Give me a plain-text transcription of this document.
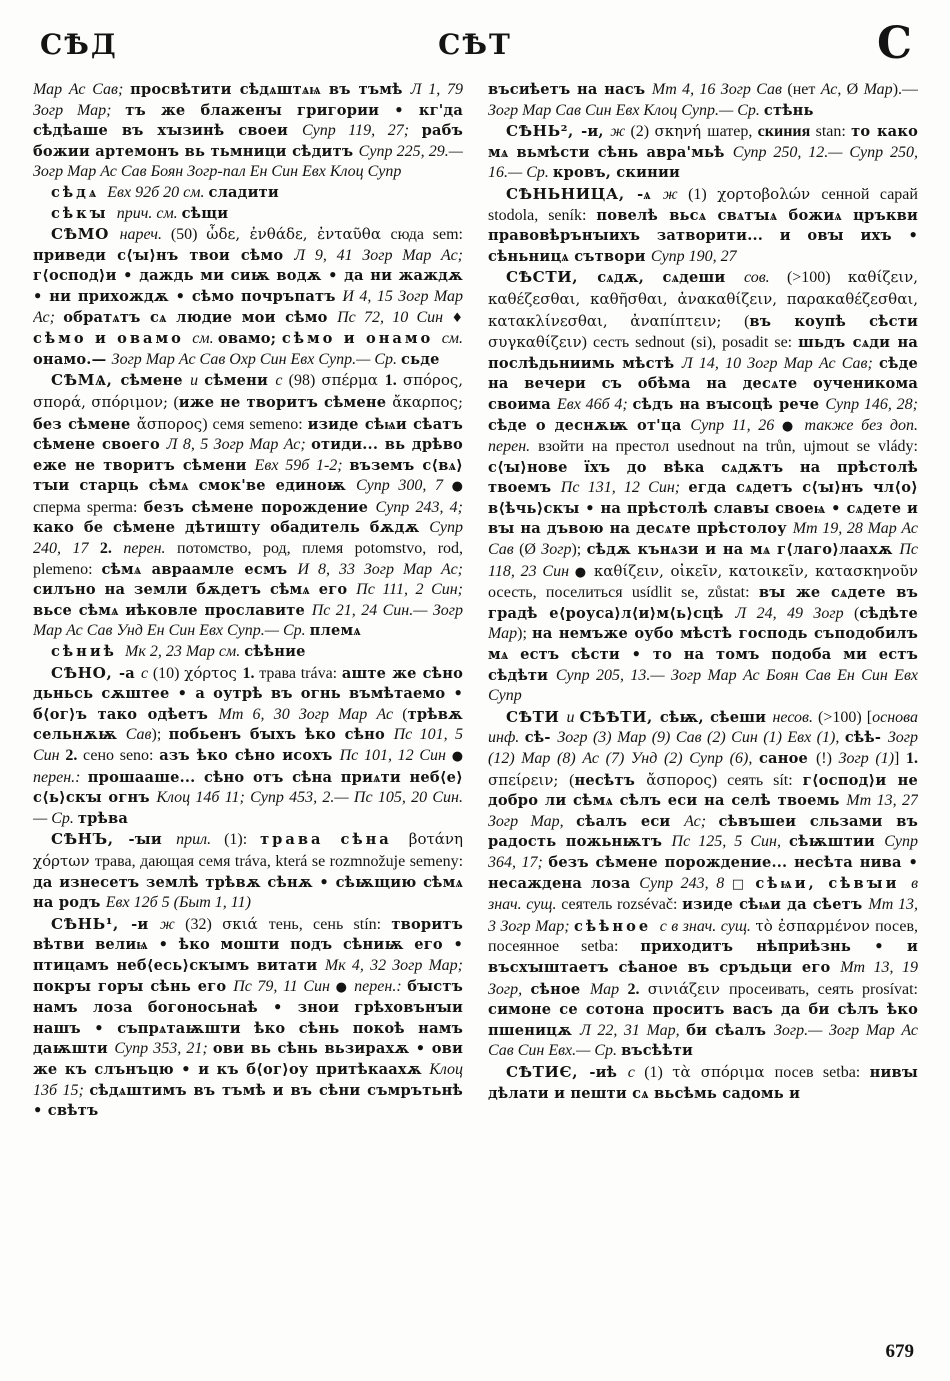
СѢД	СѢТ	С

Мар Ас Сав; просвѣтити сѣдѧштѧѩ въ тъмѣ Л 1, 79 Зогр Мар; тъ же блаженꙑ григории • кг'да сѣдѣаше въ хꙑзинѣ своеи Супр 119, 27; рабъ божии артемонъ вь тьмници сѣдитъ Супр 225, 29.— Зогр Мар Ас Сав Боян Зогр-пал Ен Син Евх Клоц Супр

сѣдѧ Евх 92б 20 см. сладити

сѣкꙑ прич. см. сѣщи

СѢМО нареч. (50) ὧδε, ἐνθάδε, ἐνταῦθα сюда sem: приведи с⟨ꙑ⟩нъ твои сѣмо Л 9, 41 Зогр Мар Ас; г⟨оспод⟩и • даждь ми сиѭ водѫ • да ни жаждѫ • ни прихождѫ • сѣмо почръпатъ И 4, 15 Зогр Мар Ас; обратѧтъ сѧ людие мои сѣмо Пс 72, 10 Син ♦ сѣмо и овамо см. овамо; сѣмо и онамо см. онамо.— Зогр Мар Ас Сав Охр Син Евх Супр.— Ср. сьде

СѢМѦ, сѣмене и сѣмени с (98) σπέρμα 1. σπόρος, σπορά, σπόριμον; (иже не творитъ сѣмене ἄκαρπος; без сѣмене ἄσπορος) семя semeno: изиде сѣѩи сѣатъ сѣмене своего Л 8, 5 Зогр Мар Ас; отиди... вь дрѣво еже не творитъ сѣмени Евх 59б 1-2; въземъ с⟨вѧ⟩тꙑи старць сѣмѧ смок'ве единоѭ Супр 300, 7 ● сперма sperma: безъ сѣмене порождение Супр 243, 4; како бе сѣмене дѣтишту обадитель бѫдѫ Супр 240, 17 2. перен. потомство, род, племя potomstvo, rod, plemeno: сѣмѧ авраамле есмъ И 8, 33 Зогр Мар Ас; силъно на земли бѫдетъ сѣмѧ его Пс 111, 2 Син; вьсе сѣмѧ иѣковле прославите Пс 21, 24 Син.— Зогр Мар Ас Сав Унд Ен Син Евх Супр.— Ср. племѧ

сѣниѣ Мк 2, 23 Мар см. сѣѣние

СѢНО, -а с (10) χόρτος 1. трава tráva: аште же сѣно дьньсь сѫштее • а оутрѣ въ огнь въмѣтаемо • б⟨ог⟩ъ тако одѣетъ Мт 6, 30 Зогр Мар Ас (трѣвѫ сельнѫѭ Сав); побьенъ бꙑхъ ѣко сѣно Пс 101, 5 Син 2. сено seno: азъ ѣко сѣно исохъ Пс 101, 12 Син ● перен.: прошааше... сѣно отъ сѣна приѧти неб⟨е⟩с⟨ь⟩скꙑ огнъ Клоц 14б 11; Супр 453, 2.— Пс 105, 20 Син.— Ср. трѣва

СѢНЪ, -ꙑи прил. (1): трава сѣна βοτάνη χόρτων трава, дающая семя tráva, která se rozmnožuje semeny: да изнесетъ землѣ трѣвѫ сѣнѫ • сѣѭщию сѣмѧ на родъ Евх 12б 5 (Быт 1, 11)

СѢНЬ¹, -и ж (32) σκιά тень, сень stín: творитъ вѣтви велиѩ • ѣко мошти подъ сѣниѭ его • птицамъ неб⟨есь⟩скꙑмъ витати Мк 4, 32 Зогр Мар; покрꙑ горꙑ сѣнь его Пс 79, 11 Син ● перен.: бꙑстъ намъ лоза богоносьнаѣ • знои грѣховънꙑи нашъ • съпрѧтаѭшти ѣко сѣнь покоѣ намъ даѭшти Супр 353, 21; ови вь сѣнь вьзирахѫ • ови же къ слънъцю • и къ б⟨ог⟩оу притѣкаахѫ Клоц 13б 15; сѣдѧштимъ въ тъмѣ и въ сѣни съмрътьнѣ • свѣтъ

въсиѣетъ на насъ Мт 4, 16 Зогр Сав (нет Ас, Ø Мар).— Зогр Мар Сав Син Евх Клоц Супр.— Ср. стѣнь

СѢНЬ², -и, ж (2) σκηνή шатер, скиния stan: то како мѧ вьмѣсти сѣнь авра'мьѣ Супр 250, 12.— Супр 250, 16.— Ср. кровъ, скинии

СѢНЬНИЦА, -ѧ ж (1) χορτοβολών сенной сарай stodola, seník: повелѣ вьсѧ свѧтꙑѧ божиѧ цръкви правовѣрънꙑихъ затворити... и овꙑ ихъ • сѣньницѧ сътвори Супр 190, 27

СѢСТИ, сѧдѫ, сѧдеши сов. (>100) καθίζειν, καθέζεσθαι, καθῆσθαι, ἀνακαθίζειν, παρακαθέζεσθαι, κατακλίνεσθαι, ἀναπίπτειν; (въ коупѣ сѣсти συγκαθίζειν) сесть sednout (si), posadit se: шьдъ сѧди на послѣдьниимь мѣстѣ Л 14, 10 Зогр Мар Ас Сав; сѣде на вечери съ обѣма на десѧте оученикома своима Евх 46б 4; сѣдъ на вꙑсоцѣ рече Супр 146, 28; сѣде о деснѫѭ от'ца Супр 11, 26 ● также без доп. перен. взойти на престол usednout na trůn, ujmout se vlády: с⟨ꙑ⟩нове їхъ до вѣка сѧдѫтъ на прѣстолѣ твоемъ Пс 131, 12 Син; егда сѧдетъ с⟨ꙑ⟩нъ чл⟨о⟩в⟨ѣчь⟩скꙑ • на прѣстолѣ славꙑ своеѩ • сѧдете и вꙑ на дъвою на десѧте прѣстолоу Мт 19, 28 Мар Ас Сав (Ø Зогр); сѣдѫ кънѧзи и на мѧ г⟨лаго⟩лаахѫ Пс 118, 23 Син ● καθίζειν, οἰκεῖν, κατοικεῖν, κατασκηνοῦν осесть, поселиться usídlit se, zůstat: вꙑ же сѧдете въ градѣ е⟨роуса⟩л⟨и⟩м⟨ь⟩сцѣ Л 24, 49 Зогр (сѣдѣте Мар); на немъже оубо мѣстѣ господь съподобилъ мѧ естъ сѣсти • то на томъ подоба ми естъ сѣдѣти Супр 205, 13.— Зогр Мар Ас Боян Сав Ен Син Евх Супр

СѢТИ и СѢѢТИ, сѣѭ, сѣеши несов. (>100) [основа инф. сѣ- Зогр (3) Мар (9) Сав (2) Син (1) Евх (1), сѣѣ- Зогр (12) Мар (8) Ас (7) Унд (2) Супр (6), саное (!) Зогр (1)] 1. σπείρειν; (несѣтъ ἄσπορος) сеять sít: г⟨оспод⟩и не добро ли сѣмѧ сѣлъ еси на селѣ твоемь Мт 13, 27 Зогр Мар, сѣалъ еси Ас; сѣвъшеи сльзами въ радость пожьнѭтъ Пс 125, 5 Син, сѣѭштии Супр 364, 17; безъ сѣмене порождение... несѣта нива • несаждена лоза Супр 243, 8 □ сѣѩи, сѣвꙑи в знач. сущ. сеятель rozsévač: изиде сѣѩи да сѣетъ Мт 13, 3 Зогр Мар; сѣѣное с в знач. сущ. τὸ ἐσπαρμένον посев, посеянное setba: приходитъ нѣприѣзнь • и въсхꙑштаетъ сѣаное въ сръдьци его Мт 13, 19 Зогр, сѣное Мар 2. σινιάζειν просеивать, сеять prosívat: симоне се сотона проситъ васъ да би сѣлъ ѣко пшеницѫ Л 22, 31 Мар, би сѣалъ Зогр.— Зогр Мар Ас Сав Син Евх.— Ср. въсѣѣти

СѢТИЄ, -иѣ с (1) τὰ σπόριμα посев setba: нивꙑ дѣлати и пешти сѧ вьсѣмь садомь и

679
